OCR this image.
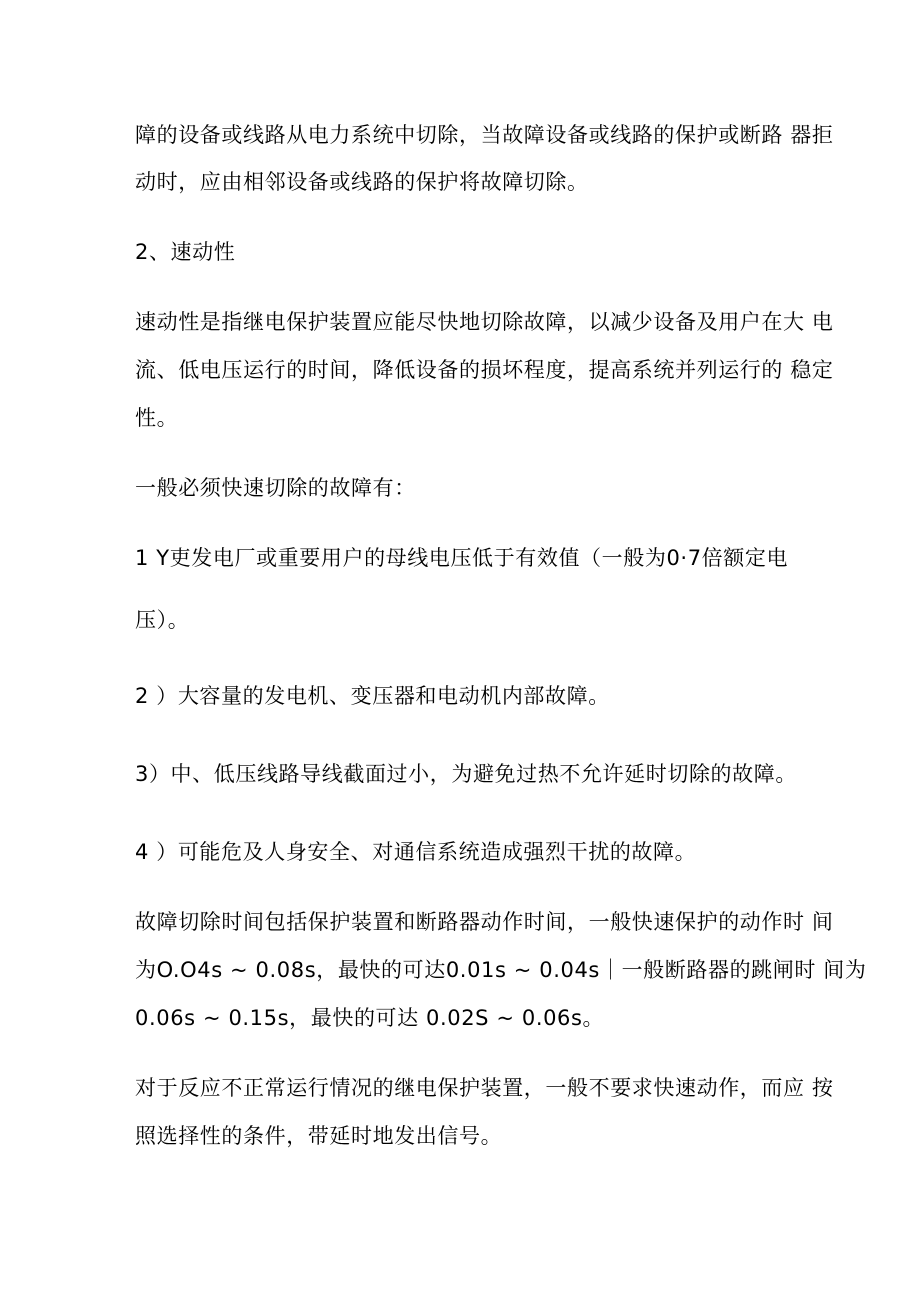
障的设备或线路从电力系统中切除，当故障设备或线路的保护或断路 器拒
动时，应由相邻设备或线路的保护将故障切除。
2、速动性
速动性是指继电保护装置应能尽快地切除故障，以减少设备及用户在大 电
流、低电压运行的时间，降低设备的损坏程度，提高系统并列运行的 稳定
性。
一般必须快速切除的故障有：
1 Y吏发电厂或重要用户的母线电压低于有效值（一般为0·7倍额定电
压）。
2 ）大容量的发电机、变压器和电动机内部故障。
3）中、低压线路导线截面过小，为避免过热不允许延时切除的故障。
4 ）可能危及人身安全、对通信系统造成强烈干扰的故障。
故障切除时间包括保护装置和断路器动作时间，一般快速保护的动作时 间
为O.O4s ~ 0.08s，最快的可达0.01s ~ 0.04s｜一般断路器的跳闸时 间为
0.06s ~ 0.15s，最快的可达 0.02S ~ 0.06s。
对于反应不正常运行情况的继电保护装置，一般不要求快速动作，而应 按
照选择性的条件，带延时地发出信号。
